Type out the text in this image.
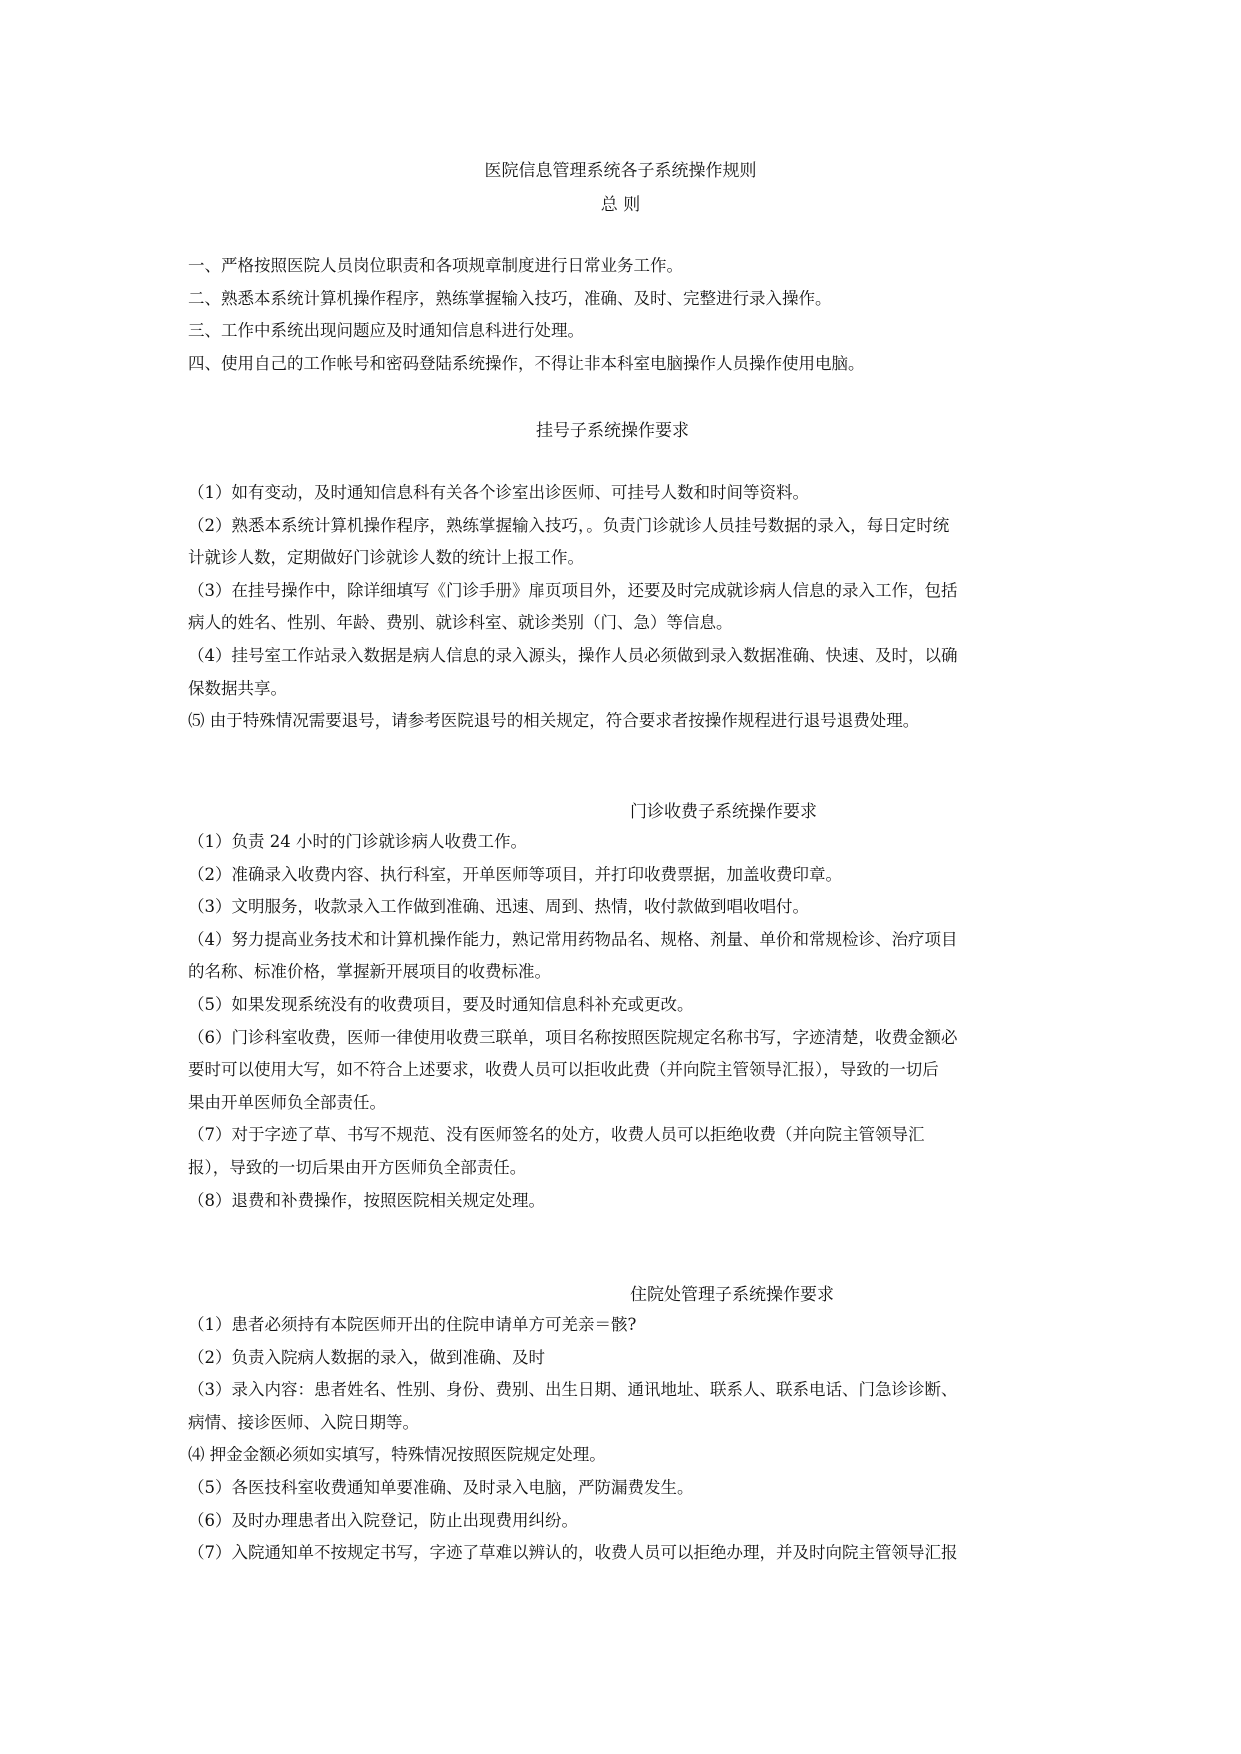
医院信息管理系统各子系统操作规则
总 则

一、严格按照医院人员岗位职责和各项规章制度进行日常业务工作。

二、熟悉本系统计算机操作程序，熟练掌握输入技巧，准确、及时、完整进行录入操作。

三、工作中系统出现问题应及时通知信息科进行处理。

四、使用自己的工作帐号和密码登陆系统操作，不得让非本科室电脑操作人员操作使用电脑。

挂号子系统操作要求

（1）如有变动，及时通知信息科有关各个诊室出诊医师、可挂号人数和时间等资料。

（2）熟悉本系统计算机操作程序，熟练掌握输入技巧，。负责门诊就诊人员挂号数据的录入，每日定时统
计就诊人数，定期做好门诊就诊人数的统计上报工作。

（3）在挂号操作中，除详细填写《门诊手册》扉页项目外，还要及时完成就诊病人信息的录入工作，包括
病人的姓名、性别、年龄、费别、就诊科室、就诊类别（门、急）等信息。

（4）挂号室工作站录入数据是病人信息的录入源头，操作人员必须做到录入数据准确、快速、及时，以确
保数据共享。

⑸ 由于特殊情况需要退号，请参考医院退号的相关规定，符合要求者按操作规程进行退号退费处理。

门诊收费子系统操作要求

（1）负责 24 小时的门诊就诊病人收费工作。

（2）准确录入收费内容、执行科室，开单医师等项目，并打印收费票据，加盖收费印章。

（3）文明服务，收款录入工作做到准确、迅速、周到、热情，收付款做到唱收唱付。

（4）努力提高业务技术和计算机操作能力，熟记常用药物品名、规格、剂量、单价和常规检诊、治疗项目
的名称、标准价格，掌握新开展项目的收费标准。

（5）如果发现系统没有的收费项目，要及时通知信息科补充或更改。

（6）门诊科室收费，医师一律使用收费三联单，项目名称按照医院规定名称书写，字迹清楚，收费金额必
要时可以使用大写，如不符合上述要求，收费人员可以拒收此费（并向院主管领导汇报），导致的一切后
果由开单医师负全部责任。

（7）对于字迹了草、书写不规范、没有医师签名的处方，收费人员可以拒绝收费（并向院主管领导汇
报），导致的一切后果由开方医师负全部责任。

（8）退费和补费操作，按照医院相关规定处理。

住院处管理子系统操作要求

（1）患者必须持有本院医师开出的住院申请单方可羌亲＝骸?

（2）负责入院病人数据的录入，做到准确、及时

（3）录入内容：患者姓名、性别、身份、费别、出生日期、通讯地址、联系人、联系电话、门急诊诊断、
病情、接诊医师、入院日期等。

⑷ 押金金额必须如实填写，特殊情况按照医院规定处理。

（5）各医技科室收费通知单要准确、及时录入电脑，严防漏费发生。

（6）及时办理患者出入院登记，防止出现费用纠纷。

（7）入院通知单不按规定书写，字迹了草难以辨认的，收费人员可以拒绝办理，并及时向院主管领导汇报
